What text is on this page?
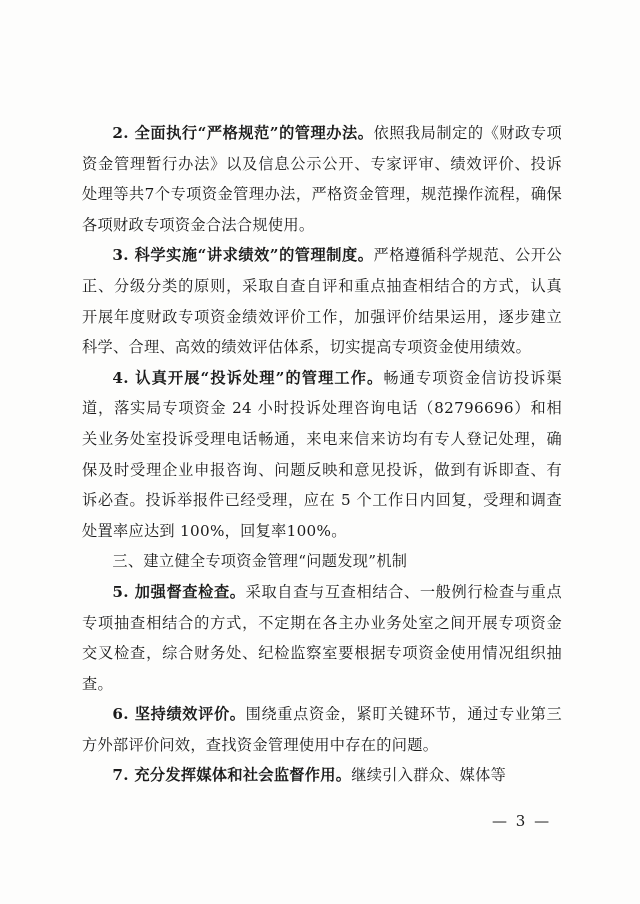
2. 全面执行“严格规范”的管理办法。依照我局制定的《财政专项资金管理暂行办法》以及信息公示公开、专家评审、绩效评价、投诉处理等共7个专项资金管理办法，严格资金管理，规范操作流程，确保各项财政专项资金合法合规使用。

3. 科学实施“讲求绩效”的管理制度。严格遵循科学规范、公开公正、分级分类的原则，采取自查自评和重点抽查相结合的方式，认真开展年度财政专项资金绩效评价工作，加强评价结果运用，逐步建立科学、合理、高效的绩效评估体系，切实提高专项资金使用绩效。

4. 认真开展“投诉处理”的管理工作。畅通专项资金信访投诉渠道，落实局专项资金 24 小时投诉处理咨询电话（82796696）和相关业务处室投诉受理电话畅通，来电来信来访均有专人登记处理，确保及时受理企业申报咨询、问题反映和意见投诉，做到有诉即查、有诉必查。投诉举报件已经受理，应在 5 个工作日内回复，受理和调查处置率应达到 100%，回复率100%。

三、建立健全专项资金管理“问题发现”机制

5. 加强督查检查。采取自查与互查相结合、一般例行检查与重点专项抽查相结合的方式，不定期在各主办业务处室之间开展专项资金交叉检查，综合财务处、纪检监察室要根据专项资金使用情况组织抽查。

6. 坚持绩效评价。围绕重点资金，紧盯关键环节，通过专业第三方外部评价问效，查找资金管理使用中存在的问题。

7. 充分发挥媒体和社会监督作用。继续引入群众、媒体等

— 3 —
